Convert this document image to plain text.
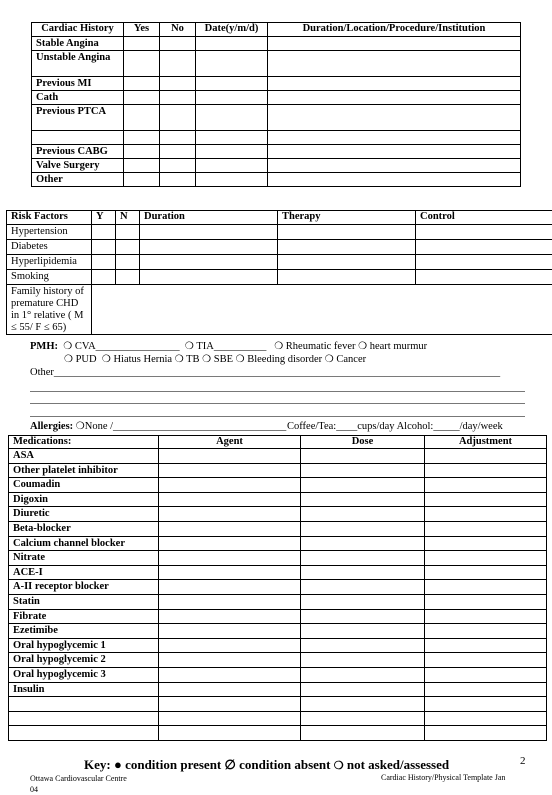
Cardiac History	Yes	No	Date(y/m/d)	Duration/Location/Procedure/Institution
Stable Angina				
Unstable Angina				
Previous MI				
Cath				
Previous PTCA				

Previous CABG				
Valve Surgery				
Other				
Risk Factors	Y	N	Duration	Therapy	Control
Hypertension					
Diabetes					
Hyperlipidemia					
Smoking					
Family history of premature CHD in 1° relative ( M ≤ 55/ F ≤ 65)					
PMH: ❍ CVA________________ ❍ TIA__________ ❍ Rheumatic fever ❍ heart murmur
❍ PUD ❍ Hiatus Hernia ❍ TB ❍ SBE ❍ Bleeding disorder ❍ Cancer
Other_____________________________________________________________________________________
Allergies: ❍None /_________________________________ Coffee/Tea:____cups/day Alcohol:_____/day/week
Medications:	Agent	Dose	Adjustment
ASA			
Other platelet inhibitor			
Coumadin			
Digoxin			
Diuretic			
Beta-blocker			
Calcium channel blocker			
Nitrate			
ACE-I			
A-II receptor blocker			
Statin			
Fibrate			
Ezetimibe			
Oral hypoglycemic 1			
Oral hypoglycemic 2			
Oral hypoglycemic 3			
Insulin			

Key: ● condition present ∅ condition absent ❍ not asked/assessed	2
Ottawa Cardiovascular Centre
04
Cardiac History/Physical Template Jan
